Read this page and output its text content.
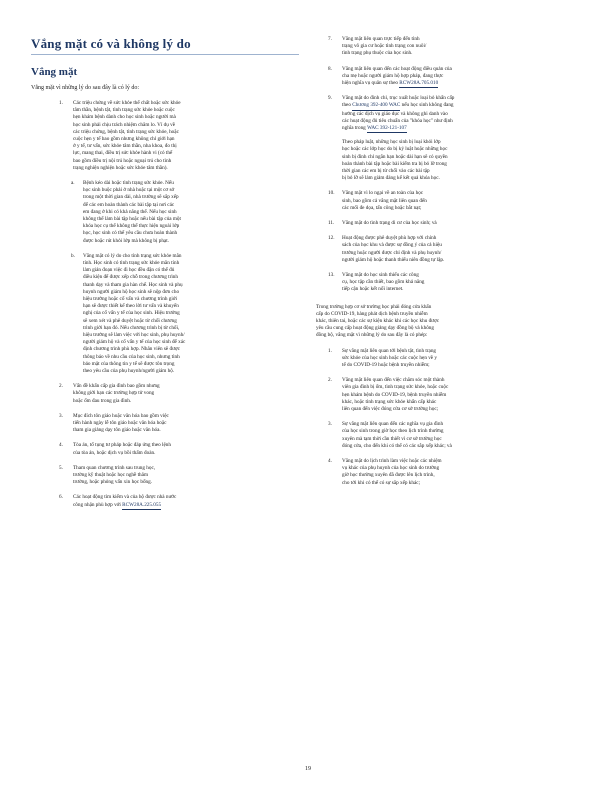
Vắng mặt có và không lý do
Vắng mặt
Vắng mặt vì những lý do sau đây là có lý do:
1. Các triệu chứng về sức khỏe thể chất hoặc sức khỏe
tâm thần, bệnh tật, tình trạng sức khỏe hoặc cuộc
hẹn khám bệnh dành cho học sinh hoặc người mà
học sinh phải chịu trách nhiệm chăm lo. Ví dụ về
các triệu chứng, bệnh tật, tình trạng sức khỏe, hoặc
cuộc hẹn y tế bao gồm nhưng không chỉ giới hạn
ở y tế, tư vấn, sức khỏe tâm thần, nha khoa, đo thị
lực, mang thai, điều trị sức khỏe hành vi (có thể
bao gồm điều trị nội trú hoặc ngoại trú cho tình
trạng nghiện nghiện hoặc sức khỏe tâm thần).
a. Bệnh kéo dài hoặc tình trạng sức khỏe. Nếu
học sinh buộc phải ở nhà hoặc tại một cơ sở
trong một thời gian dài, nhà trường sẽ sắp xếp
để các em hoàn thành các bài tập tại nơi các
em đang ở khi có khả năng thể. Nếu học sinh
không thể làm bài tập hoặc nếu bài tập của một
khóa học cụ thể không thể thực hiện ngoài lớp
học, học sinh có thể yêu cầu chưa hoàn thành
được hoặc rút khỏi lớp mà không bị phạt.
b. Vắng mặt có lý do cho tình trạng sức khỏe mãn
tính. Học sinh có tình trạng sức khỏe mãn tính
làm gián đoạn việc đi học đều đặn có thể đủ
điều kiện để được xếp chỗ trong chương trình
thanh dạy và tham gia hàn chế. Học sinh và phụ
huynh người giám hộ học sinh sẽ nộp đơn cho
hiệu trưởng hoặc cố vấn và chương trình giới
hạn sẽ được thiết kế theo lời tư vấn và khuyến
nghị của cố vấn y tế của học sinh. Hiệu trưởng
sẽ xem xét và phê duyệt hoặc từ chối chương
trình giới hạn đó. Nếu chương trình bị từ chối,
hiệu trưởng sẽ làm việc với học sinh, phụ huynh/
người giám hộ và cố vấn y tế của học sinh để xác
định chương trình phù hợp. Nhân viên sẽ được
thông báo về nhu cầu của học sinh, nhưng tình
bảo mật của thông tin y tế sẽ được tôn trọng
theo yêu cầu của phụ huynh/người giám hộ.
2. Vấn đề khẩn cấp gia đình bao gồm nhưng
không giới hạn các trường hợp tử vong
hoặc ốm đau trong gia đình.
3. Mục đích tôn giáo hoặc văn hóa bao gồm việc
tiến hành ngày lễ tôn giáo hoặc văn hóa hoặc
tham gia giảng dạy tôn giáo hoặc văn hóa.
4. Tòa án, tố tụng tư pháp hoặc đáp ứng theo lệnh
của tòa án, hoặc dịch vụ bồi thẩm đoàn.
5. Tham quan chương trình sau trung học,
trường kỹ thuật hoặc học nghề thâm
trường, hoặc phỏng vấn xin học bổng.
6. Các hoạt động tìm kiếm và của hộ được nhà nước
công nhận phù hợp với RCW28A.225.055
7. Vắng mặt liên quan trực tiếp đến tình
trạng vô gia cư hoặc tình trạng con nuôi/
tình trạng phụ thuộc của học sinh.
8. Vắng mặt liên quan đến các hoạt động điều quản của
cha mẹ hoặc người giám hộ hợp pháp, đang thực
hiện nghĩa vụ quân sự theo RCW28A.705.010
9. Vắng mặt do đình chỉ, trục xuất hoặc loại bỏ khẩn cấp
theo Chương 392-400 WAC nếu học sinh không đang
hưởng các dịch vụ giáo dục và không ghi danh vào
các hoạt động đủ tiêu chuẩn của "khóa học" như định
nghĩa trong WAC 392-121-107
Theo pháp luật, những học sinh bị loại khỏi lớp
học hoặc các lớp học do bị kỷ luật hoặc những học
sinh bị đình chỉ ngắn hạn hoặc dài hạn sẽ có quyền
hoàn thành bài tập hoặc bài kiểm tra bị bỏ lỡ trong
thời gian các em bị từ chối vào các bài tập
bị bỏ lỡ sẽ làm giảm đáng kể kết quả khóa học.
10. Vắng mặt vì lo ngại về an toàn của học
sinh, bao gồm cả vắng mặt liên quan đến
các mối đe dọa, tấn công hoặc bắt nạt;
11. Vắng mặt do tình trạng di cư của học sinh; và
12. Hoạt động được phê duyệt phù hợp với chính
sách của học khu và được sự đồng ý của cả hiệu
trưởng hoặc người được chỉ định và phụ huynh/
người giám hộ hoặc thanh thiếu niên đồng tự lập.
13. Vắng mặt do học sinh thiếu các công
cụ, học tập cần thiết, bao gồm khả năng
tiếp cận hoặc kết nối internet.
Trong trường hợp cơ sở trường học phải đóng cửa khẩn
cấp do COVID-19, hàng phát dịch bệnh truyền nhiễm
khác, thiên tai, hoặc các sự kiện khác khi các học khu được
yêu cầu cung cấp hoạt động giảng dạy đồng bộ và không
đồng bộ, vắng mặt vì những lý do sau đây là có phép:
1. Sự vắng mặt liên quan tới bệnh tật, tình trạng
sức khỏe của học sinh hoặc các cuộc hẹn về y
tế do COVID-19 hoặc bệnh truyền nhiễm;
2. Vắng mặt liên quan đến việc chăm sóc một thành
viên gia đình bị ốm, tình trạng sức khỏe, hoặc cuộc
hẹn khám bệnh do COVID-19, bệnh truyền nhiễm
khác, hoặc tình trạng sức khỏe khẩn cấp khác
liên quan đến việc đóng cửa cơ sở trường học;
3. Sự vắng mặt liên quan đến các nghĩa vụ gia đình
của học sinh trong giờ học theo lịch trình thường
xuyên mà tạm thời cần thiết vì cơ sở trường học
đóng cửa, cho đến khi có thể có các sắp xếp khác; và
4. Vắng mặt do lịch trình làm việc hoặc các nhiệm
vụ khác của phụ huynh của học sinh do trường
giờ học thường xuyên đã được lên lịch trình,
cho tới khi có thể có sự sắp xếp khác;
19
